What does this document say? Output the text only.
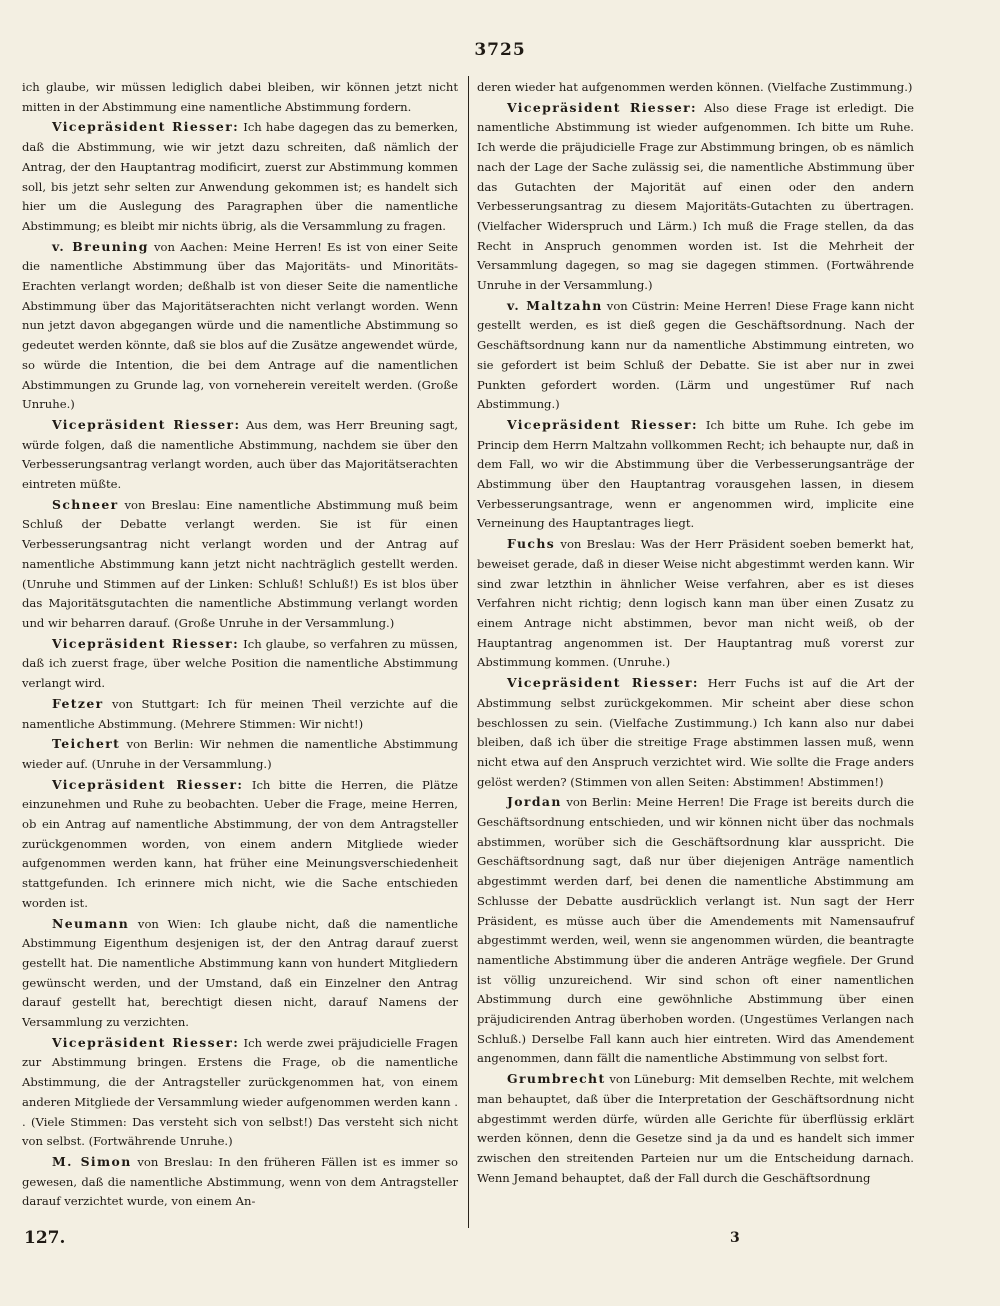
3725

ich glaube, wir müssen lediglich dabei bleiben, wir können jetzt nicht mitten in der Abstimmung eine namentliche Abstimmung fordern.

Vicepräsident Riesser: Ich habe dagegen das zu bemerken, daß die Abstimmung, wie wir jetzt dazu schreiten, daß nämlich der Antrag, der den Hauptantrag modificirt, zuerst zur Abstimmung kommen soll, bis jetzt sehr selten zur Anwendung gekommen ist; es handelt sich hier um die Auslegung des Paragraphen über die namentliche Abstimmung; es bleibt mir nichts übrig, als die Versammlung zu fragen.

v. Breuning von Aachen: Meine Herren! Es ist von einer Seite die namentliche Abstimmung über das Majoritäts- und Minoritäts-Erachten verlangt worden; deßhalb ist von dieser Seite die namentliche Abstimmung über das Majoritätserachten nicht verlangt worden. Wenn nun jetzt davon abgegangen würde und die namentliche Abstimmung so gedeutet werden könnte, daß sie blos auf die Zusätze angewendet würde, so würde die Intention, die bei dem Antrage auf die namentlichen Abstimmungen zu Grunde lag, von vorneherein vereitelt werden. (Große Unruhe.)

Vicepräsident Riesser: Aus dem, was Herr Breuning sagt, würde folgen, daß die namentliche Abstimmung, nachdem sie über den Verbesserungsantrag verlangt worden, auch über das Majoritätserachten eintreten müßte.

Schneer von Breslau: Eine namentliche Abstimmung muß beim Schluß der Debatte verlangt werden. Sie ist für einen Verbesserungsantrag nicht verlangt worden und der Antrag auf namentliche Abstimmung kann jetzt nicht nachträglich gestellt werden. (Unruhe und Stimmen auf der Linken: Schluß! Schluß!) Es ist blos über das Majoritätsgutachten die namentliche Abstimmung verlangt worden und wir beharren darauf. (Große Unruhe in der Versammlung.)

Vicepräsident Riesser: Ich glaube, so verfahren zu müssen, daß ich zuerst frage, über welche Position die namentliche Abstimmung verlangt wird.

Fetzer von Stuttgart: Ich für meinen Theil verzichte auf die namentliche Abstimmung. (Mehrere Stimmen: Wir nicht!)

Teichert von Berlin: Wir nehmen die namentliche Abstimmung wieder auf. (Unruhe in der Versammlung.)

Vicepräsident Riesser: Ich bitte die Herren, die Plätze einzunehmen und Ruhe zu beobachten. Ueber die Frage, meine Herren, ob ein Antrag auf namentliche Abstimmung, der von dem Antragsteller zurückgenommen worden, von einem andern Mitgliede wieder aufgenommen werden kann, hat früher eine Meinungsverschiedenheit stattgefunden. Ich erinnere mich nicht, wie die Sache entschieden worden ist.

Neumann von Wien: Ich glaube nicht, daß die namentliche Abstimmung Eigenthum desjenigen ist, der den Antrag darauf zuerst gestellt hat. Die namentliche Abstimmung kann von hundert Mitgliedern gewünscht werden, und der Umstand, daß ein Einzelner den Antrag darauf gestellt hat, berechtigt diesen nicht, darauf Namens der Versammlung zu verzichten.

Vicepräsident Riesser: Ich werde zwei präjudicielle Fragen zur Abstimmung bringen. Erstens die Frage, ob die namentliche Abstimmung, die der Antragsteller zurückgenommen hat, von einem anderen Mitgliede der Versammlung wieder aufgenommen werden kann . . (Viele Stimmen: Das versteht sich von selbst!) Das versteht sich nicht von selbst. (Fortwährende Unruhe.)

M. Simon von Breslau: In den früheren Fällen ist es immer so gewesen, daß die namentliche Abstimmung, wenn von dem Antragsteller darauf verzichtet wurde, von einem An-

deren wieder hat aufgenommen werden können. (Vielfache Zustimmung.)

Vicepräsident Riesser: Also diese Frage ist erledigt. Die namentliche Abstimmung ist wieder aufgenommen. Ich bitte um Ruhe. Ich werde die präjudicielle Frage zur Abstimmung bringen, ob es nämlich nach der Lage der Sache zulässig sei, die namentliche Abstimmung über das Gutachten der Majorität auf einen oder den andern Verbesserungsantrag zu diesem Majoritäts-Gutachten zu übertragen. (Vielfacher Widerspruch und Lärm.) Ich muß die Frage stellen, da das Recht in Anspruch genommen worden ist. Ist die Mehrheit der Versammlung dagegen, so mag sie dagegen stimmen. (Fortwährende Unruhe in der Versammlung.)

v. Maltzahn von Cüstrin: Meine Herren! Diese Frage kann nicht gestellt werden, es ist dieß gegen die Geschäftsordnung. Nach der Geschäftsordnung kann nur da namentliche Abstimmung eintreten, wo sie gefordert ist beim Schluß der Debatte. Sie ist aber nur in zwei Punkten gefordert worden. (Lärm und ungestümer Ruf nach Abstimmung.)

Vicepräsident Riesser: Ich bitte um Ruhe. Ich gebe im Princip dem Herrn Maltzahn vollkommen Recht; ich behaupte nur, daß in dem Fall, wo wir die Abstimmung über die Verbesserungsanträge der Abstimmung über den Hauptantrag vorausgehen lassen, in diesem Verbesserungsantrage, wenn er angenommen wird, implicite eine Verneinung des Hauptantrages liegt.

Fuchs von Breslau: Was der Herr Präsident soeben bemerkt hat, beweiset gerade, daß in dieser Weise nicht abgestimmt werden kann. Wir sind zwar letzthin in ähnlicher Weise verfahren, aber es ist dieses Verfahren nicht richtig; denn logisch kann man über einen Zusatz zu einem Antrage nicht abstimmen, bevor man nicht weiß, ob der Hauptantrag angenommen ist. Der Hauptantrag muß vorerst zur Abstimmung kommen. (Unruhe.)

Vicepräsident Riesser: Herr Fuchs ist auf die Art der Abstimmung selbst zurückgekommen. Mir scheint aber diese schon beschlossen zu sein. (Vielfache Zustimmung.) Ich kann also nur dabei bleiben, daß ich über die streitige Frage abstimmen lassen muß, wenn nicht etwa auf den Anspruch verzichtet wird. Wie sollte die Frage anders gelöst werden? (Stimmen von allen Seiten: Abstimmen! Abstimmen!)

Jordan von Berlin: Meine Herren! Die Frage ist bereits durch die Geschäftsordnung entschieden, und wir können nicht über das nochmals abstimmen, worüber sich die Geschäftsordnung klar ausspricht. Die Geschäftsordnung sagt, daß nur über diejenigen Anträge namentlich abgestimmt werden darf, bei denen die namentliche Abstimmung am Schlusse der Debatte ausdrücklich verlangt ist. Nun sagt der Herr Präsident, es müsse auch über die Amendements mit Namensaufruf abgestimmt werden, weil, wenn sie angenommen würden, die beantragte namentliche Abstimmung über die anderen Anträge wegfiele. Der Grund ist völlig unzureichend. Wir sind schon oft einer namentlichen Abstimmung durch eine gewöhnliche Abstimmung über einen präjudicirenden Antrag überhoben worden. (Ungestümes Verlangen nach Schluß.) Derselbe Fall kann auch hier eintreten. Wird das Amendement angenommen, dann fällt die namentliche Abstimmung von selbst fort.

Grumbrecht von Lüneburg: Mit demselben Rechte, mit welchem man behauptet, daß über die Interpretation der Geschäftsordnung nicht abgestimmt werden dürfe, würden alle Gerichte für überflüssig erklärt werden können, denn die Gesetze sind ja da und es handelt sich immer zwischen den streitenden Parteien nur um die Entscheidung darnach. Wenn Jemand behauptet, daß der Fall durch die Geschäftsordnung

127.	3
